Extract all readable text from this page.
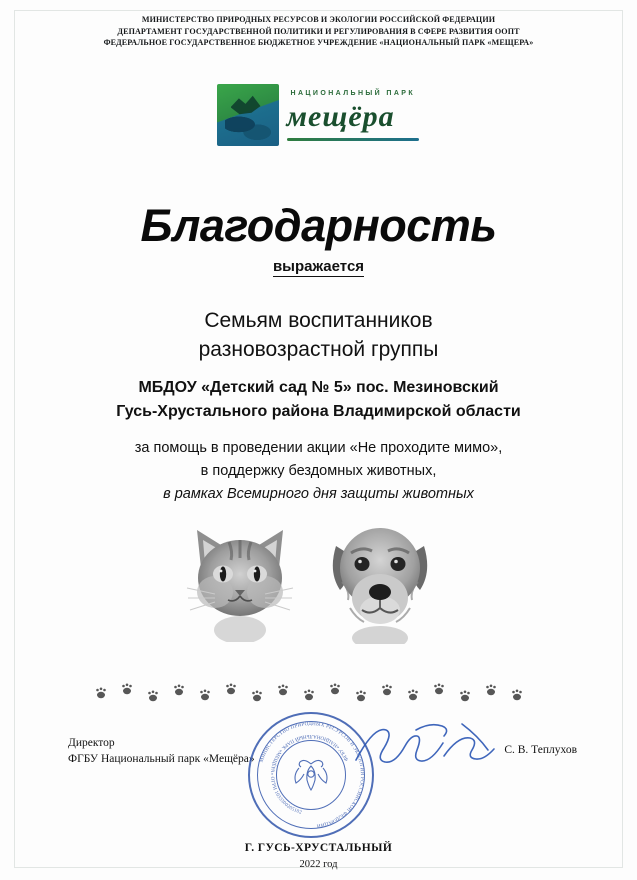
МИНИСТЕРСТВО ПРИРОДНЫХ РЕСУРСОВ И ЭКОЛОГИИ РОССИЙСКОЙ ФЕДЕРАЦИИ
ДЕПАРТАМЕНТ ГОСУДАРСТВЕННОЙ ПОЛИТИКИ И РЕГУЛИРОВАНИЯ В СФЕРЕ РАЗВИТИЯ ООПТ
ФЕДЕРАЛЬНОЕ ГОСУДАРСТВЕННОЕ БЮДЖЕТНОЕ УЧРЕЖДЕНИЕ «НАЦИОНАЛЬНЫЙ ПАРК «МЕЩЕРА»
НАЦИОНАЛЬНЫЙ ПАРК
мещёра
Благодарность
выражается
Семьям воспитанников
разновозрастной группы
МБДОУ «Детский сад № 5» пос. Мезиновский
Гусь-Хрустального района Владимирской области
за помощь в проведении акции «Не проходите мимо»,
в поддержку бездомных животных,
в рамках Всемирного дня защиты животных
Директор
ФГБУ Национальный парк «Мещёра»
С. В. Теплухов
МИНИСТЕРСТВО ПРИРОДНЫХ РЕСУРСОВ И ЭКОЛОГИИ РОССИЙСКОЙ ФЕДЕРАЦИИ
ФГБУ «НАЦИОНАЛЬНЫЙ ПАРК «МЕЩЁРА» ОГРН 1033300205102
Г. ГУСЬ-ХРУСТАЛЬНЫЙ
2022 год
